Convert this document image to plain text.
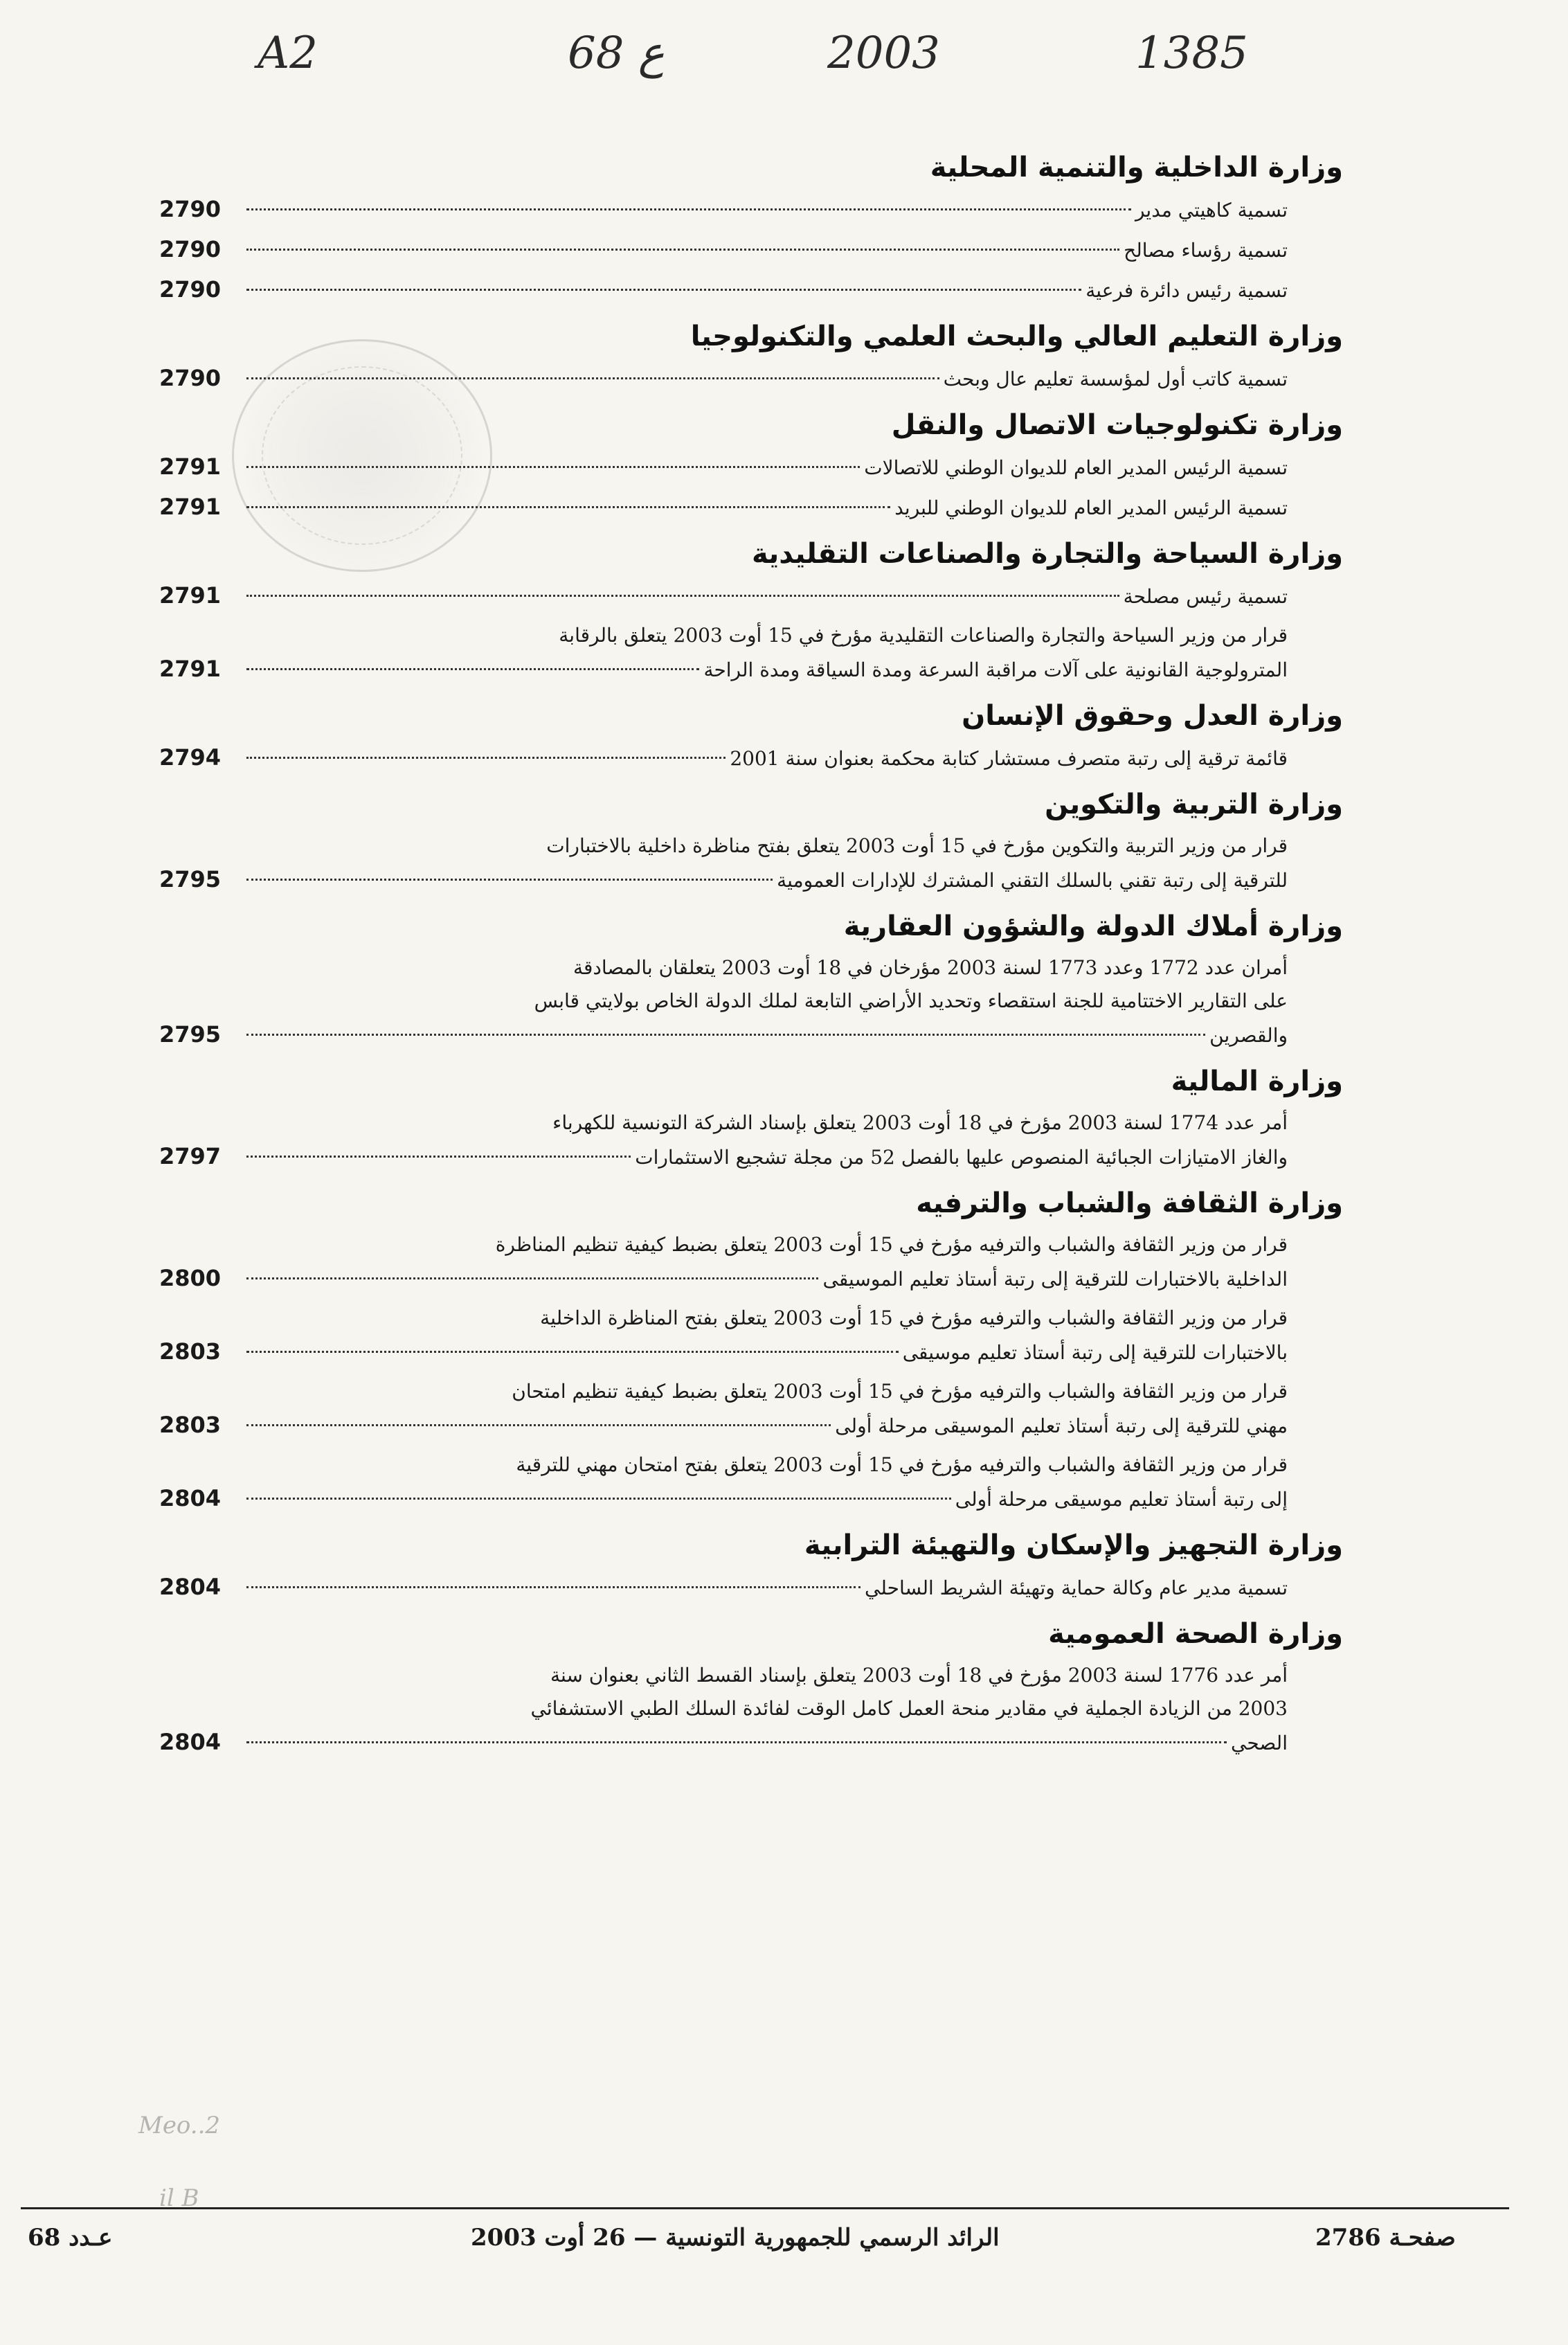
A2	68 ع	2003	1385
وزارة الداخلية والتنمية المحلية
تسمية كاهيتي مدير
2790
تسمية رؤساء مصالح
2790
تسمية رئيس دائرة فرعية
2790
وزارة التعليم العالي والبحث العلمي والتكنولوجيا
تسمية كاتب أول لمؤسسة تعليم عال وبحث
2790
وزارة تكنولوجيات الاتصال والنقل
تسمية الرئيس المدير العام للديوان الوطني للاتصالات
2791
تسمية الرئيس المدير العام للديوان الوطني للبريد
2791
وزارة السياحة والتجارة والصناعات التقليدية
تسمية رئيس مصلحة
2791
قرار من وزير السياحة والتجارة والصناعات التقليدية مؤرخ في 15 أوت 2003 يتعلق بالرقابة
المترولوجية القانونية على آلات مراقبة السرعة ومدة السياقة ومدة الراحة
2791
وزارة العدل وحقوق الإنسان
قائمة ترقية إلى رتبة متصرف مستشار كتابة محكمة بعنوان سنة 2001
2794
وزارة التربية والتكوين
قرار من وزير التربية والتكوين مؤرخ في 15 أوت 2003 يتعلق بفتح مناظرة داخلية بالاختبارات
للترقية إلى رتبة تقني بالسلك التقني المشترك للإدارات العمومية
2795
وزارة أملاك الدولة والشؤون العقارية
أمران عدد 1772 وعدد 1773 لسنة 2003 مؤرخان في 18 أوت 2003 يتعلقان بالمصادقة
على التقارير الاختتامية للجنة استقصاء وتحديد الأراضي التابعة لملك الدولة الخاص بولايتي قابس
والقصرين
2795
وزارة المالية
أمر عدد 1774 لسنة 2003 مؤرخ في 18 أوت 2003 يتعلق بإسناد الشركة التونسية للكهرباء
والغاز الامتيازات الجبائية المنصوص عليها بالفصل 52 من مجلة تشجيع الاستثمارات
2797
وزارة الثقافة والشباب والترفيه
قرار من وزير الثقافة والشباب والترفيه مؤرخ في 15 أوت 2003 يتعلق بضبط كيفية تنظيم المناظرة
الداخلية بالاختبارات للترقية إلى رتبة أستاذ تعليم الموسيقى
2800
قرار من وزير الثقافة والشباب والترفيه مؤرخ في 15 أوت 2003 يتعلق بفتح المناظرة الداخلية
بالاختبارات للترقية إلى رتبة أستاذ تعليم موسيقى
2803
قرار من وزير الثقافة والشباب والترفيه مؤرخ في 15 أوت 2003 يتعلق بضبط كيفية تنظيم امتحان
مهني للترقية إلى رتبة أستاذ تعليم الموسيقى مرحلة أولى
2803
قرار من وزير الثقافة والشباب والترفيه مؤرخ في 15 أوت 2003 يتعلق بفتح امتحان مهني للترقية
إلى رتبة أستاذ تعليم موسيقى مرحلة أولى
2804
وزارة التجهيز والإسكان والتهيئة الترابية
تسمية مدير عام وكالة حماية وتهيئة الشريط الساحلي
2804
وزارة الصحة العمومية
أمر عدد 1776 لسنة 2003 مؤرخ في 18 أوت 2003 يتعلق بإسناد القسط الثاني بعنوان سنة
2003 من الزيادة الجملية في مقادير منحة العمل كامل الوقت لفائدة السلك الطبي الاستشفائي
الصحي
2804
Meo..2
il B
صفحـة 2786
الرائد الرسمي للجمهورية التونسية — 26 أوت 2003
عـدد 68
